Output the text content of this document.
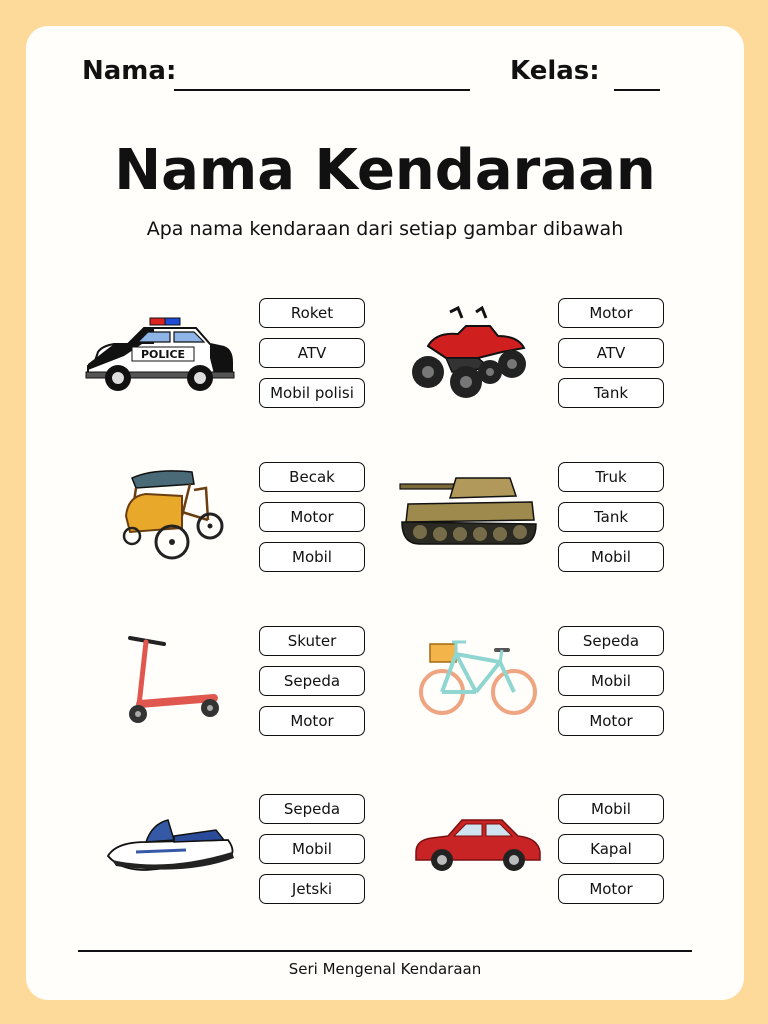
Nama:	Kelas:
Nama Kendaraan
Apa nama kendaraan dari setiap gambar dibawah
POLICE
Roket
ATV
Mobil polisi
Motor
ATV
Tank
Becak
Motor
Mobil
Truk
Tank
Mobil
Skuter
Sepeda
Motor
Sepeda
Mobil
Motor
Sepeda
Mobil
Jetski
Mobil
Kapal
Motor
Seri Mengenal Kendaraan
